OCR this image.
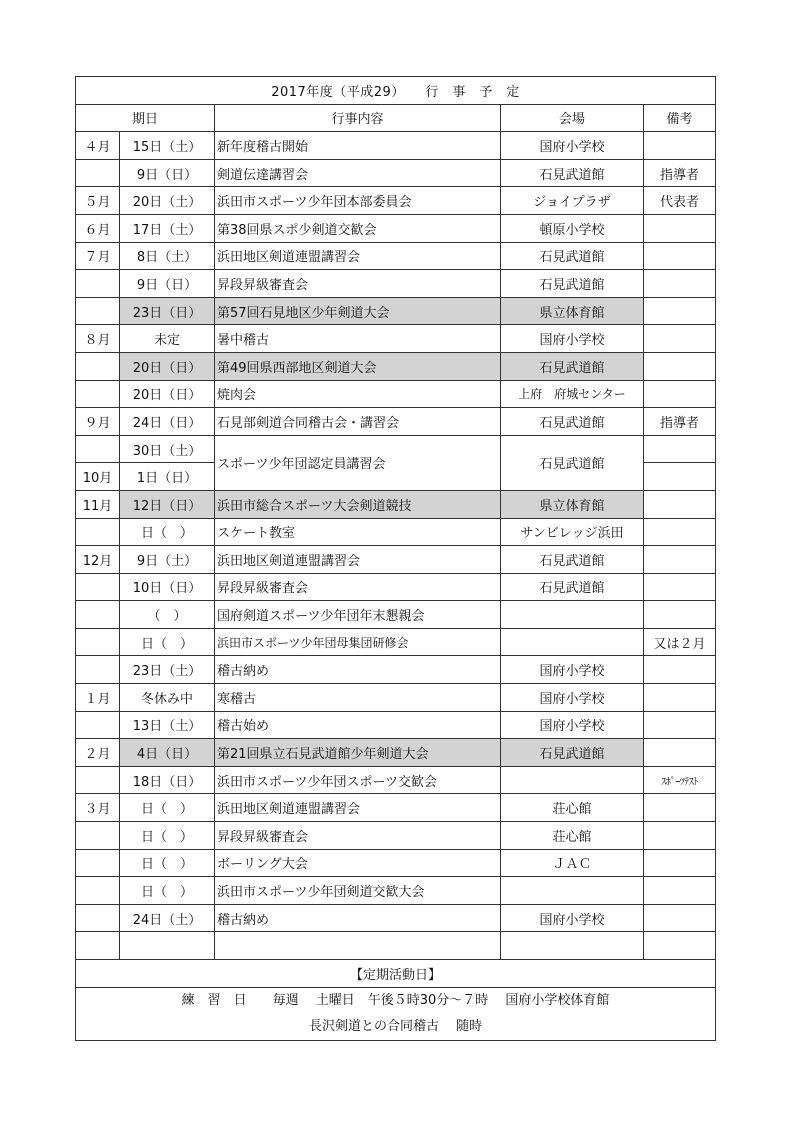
2017年度（平成29）　　行　事　予　定				
期日		行事内容	会場	備考
４月	15日（土）	新年度稽古開始	国府小学校	
	9日（日）	剣道伝達講習会	石見武道館	指導者
５月	20日（土）	浜田市スポーツ少年団本部委員会	ジョイプラザ	代表者
６月	17日（土）	第38回県スポ少剣道交歓会	頓原小学校	
７月	8日（土）	浜田地区剣道連盟講習会	石見武道館	
	9日（日）	昇段昇級審査会	石見武道館	
	23日（日）	第57回石見地区少年剣道大会	県立体育館	
８月	未定	暑中稽古	国府小学校	
	20日（日）	第49回県西部地区剣道大会	石見武道館	
	20日（日）	焼肉会	上府　府城センター	
９月	24日（日）	石見部剣道合同稽古会・講習会	石見武道館	指導者
	30日（土）	スポーツ少年団認定員講習会	石見武道館	
10月	1日（日）			
11月	12日（日）	浜田市総合スポーツ大会剣道競技	県立体育館	
	日（　）	スケート教室	サンビレッジ浜田	
12月	9日（土）	浜田地区剣道連盟講習会	石見武道館	
	10日（日）	昇段昇級審査会	石見武道館	
	（　）	国府剣道スポーツ少年団年末懇親会		
	日（　）	浜田市スポーツ少年団母集団研修会		又は２月
	23日（土）	稽古納め	国府小学校	
１月	冬休み中	寒稽古	国府小学校	
	13日（土）	稽古始め	国府小学校	
２月	4日（日）	第21回県立石見武道館少年剣道大会	石見武道館	
	18日（日）	浜田市スポーツ少年団スポーツ交歓会		ｽﾎﾟｰﾂﾃｽﾄ
３月	日（　）	浜田地区剣道連盟講習会	荘心館	
	日（　）	昇段昇級審査会	荘心館	
	日（　）	ボーリング大会	ＪＡＣ	
	日（　）	浜田市スポーツ少年団剣道交歓大会		
	24日（土）	稽古納め	国府小学校	

【定期活動日】				

練　習　日　　毎週　 土曜日　午後５時30分～７時　 国府小学校体育館
長沢剣道との合同稽古　 随時				
